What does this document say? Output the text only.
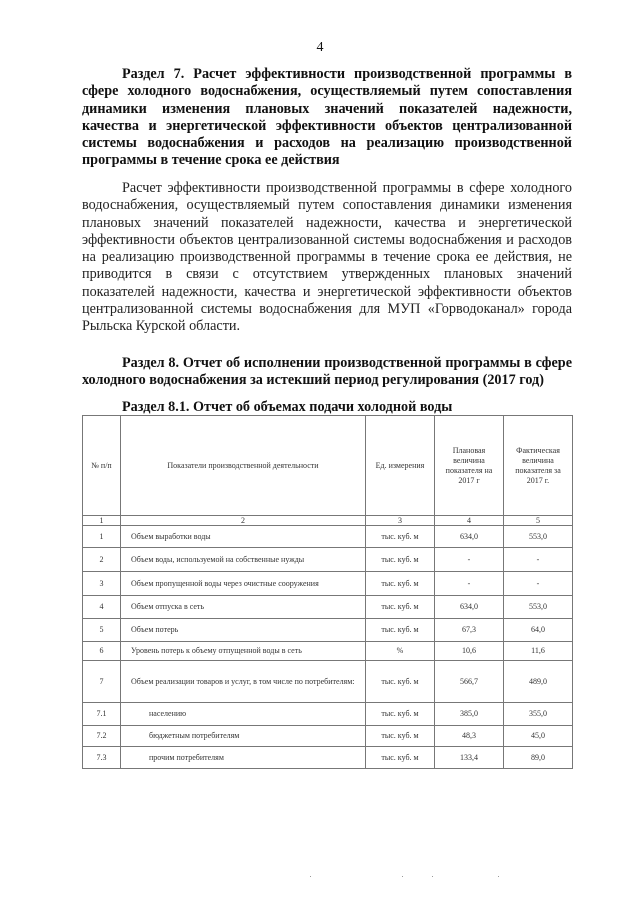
4
Раздел 7. Расчет эффективности производственной программы в сфере холодного водоснабжения, осуществляемый путем сопоставления динамики изменения плановых значений показателей надежности, качества и энергетической эффективности объектов централизованной системы водоснабжения и расходов на реализацию производственной программы в течение срока ее действия
Расчет эффективности производственной программы в сфере холодного водоснабжения, осуществляемый путем сопоставления динамики изменения плановых значений показателей надежности, качества и энергетической эффективности объектов централизованной системы водоснабжения и расходов на реализацию производственной программы в течение срока ее действия, не приводится в связи с отсутствием утвержденных плановых значений показателей надежности, качества и энергетической эффективности объектов централизованной системы водоснабжения для МУП «Горводоканал» города Рыльска Курской области.
Раздел 8. Отчет об исполнении производственной программы в сфере холодного водоснабжения за истекший период регулирования (2017 год)
Раздел 8.1. Отчет об объемах подачи холодной воды
№ п/п	Показатели производственной деятельности	Ед. измерения	Плановая величина показателя на 2017 г	Фактическая величина показателя за 2017 г.
1	2	3	4	5
1	Объем выработки воды	тыс. куб. м	634,0	553,0
2	Объем воды, используемой на собственные нужды	тыс. куб. м	-	-
3	Объем пропущенной воды через очистные сооружения	тыс. куб. м	-	-
4	Объем отпуска в сеть	тыс. куб. м	634,0	553,0
5	Объем потерь	тыс. куб. м	67,3	64,0
6	Уровень потерь к объему отпущенной воды в сеть	%	10,6	11,6
7	Объем реализации товаров и услуг, в том числе по потребителям:	тыс. куб. м	566,7	489,0
7.1	населению	тыс. куб. м	385,0	355,0
7.2	бюджетным потребителям	тыс. куб. м	48,3	45,0
7.3	прочим потребителям	тыс. куб. м	133,4	89,0
